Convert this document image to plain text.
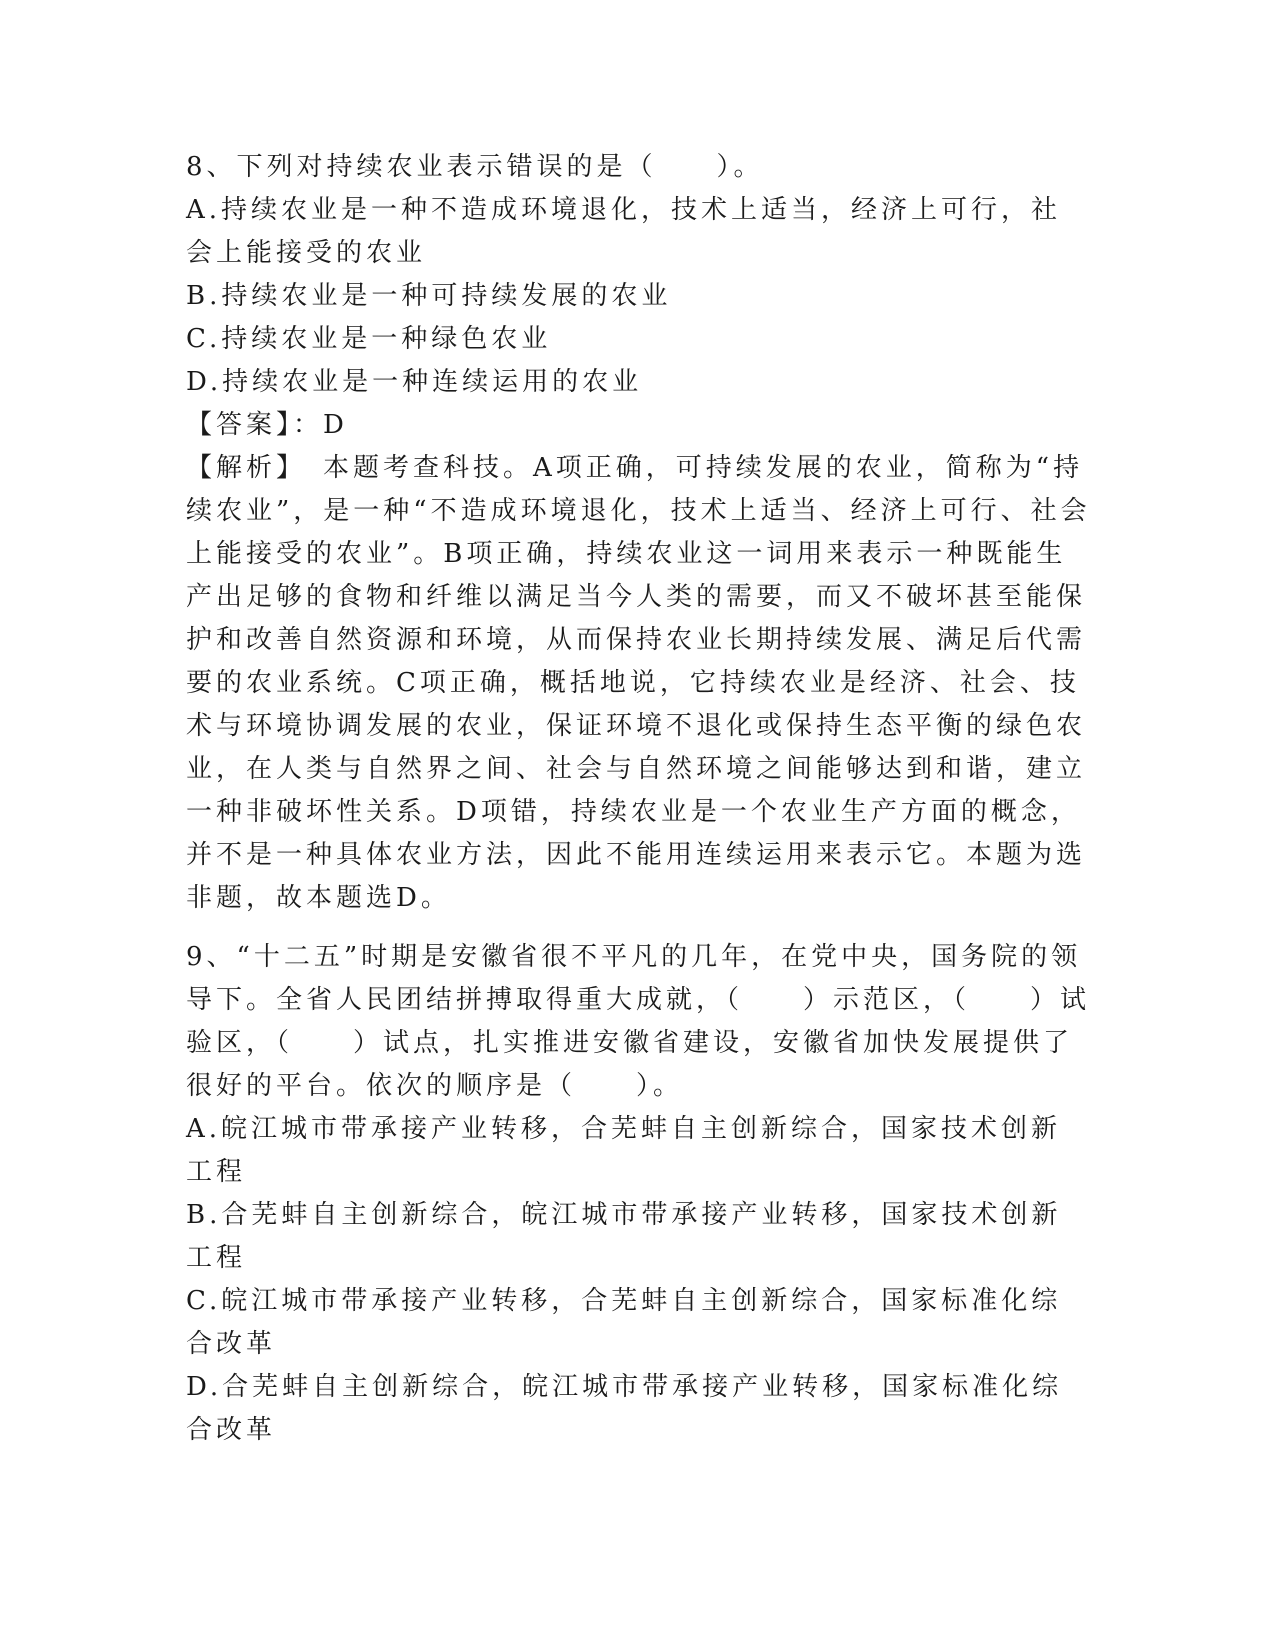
8、下列对持续农业表示错误的是（　　）。
A.持续农业是一种不造成环境退化，技术上适当，经济上可行，社会上能接受的农业
B.持续农业是一种可持续发展的农业
C.持续农业是一种绿色农业
D.持续农业是一种连续运用的农业
【答案】：D
【解析】　本题考查科技。A项正确，可持续发展的农业，简称为“持续农业”，是一种“不造成环境退化，技术上适当、经济上可行、社会上能接受的农业”。B项正确，持续农业这一词用来表示一种既能生产出足够的食物和纤维以满足当今人类的需要，而又不破坏甚至能保护和改善自然资源和环境，从而保持农业长期持续发展、满足后代需要的农业系统。C项正确，概括地说，它持续农业是经济、社会、技术与环境协调发展的农业，保证环境不退化或保持生态平衡的绿色农业，在人类与自然界之间、社会与自然环境之间能够达到和谐，建立一种非破坏性关系。D项错，持续农业是一个农业生产方面的概念，并不是一种具体农业方法，因此不能用连续运用来表示它。本题为选非题，故本题选D。
9、“十二五”时期是安徽省很不平凡的几年，在党中央，国务院的领导下。全省人民团结拼搏取得重大成就，（　　）示范区，（　　）试验区，（　　）试点，扎实推进安徽省建设，安徽省加快发展提供了很好的平台。依次的顺序是（　　）。
A.皖江城市带承接产业转移，合芜蚌自主创新综合，国家技术创新工程
B.合芜蚌自主创新综合，皖江城市带承接产业转移，国家技术创新工程
C.皖江城市带承接产业转移，合芜蚌自主创新综合，国家标准化综合改革
D.合芜蚌自主创新综合，皖江城市带承接产业转移，国家标准化综合改革
